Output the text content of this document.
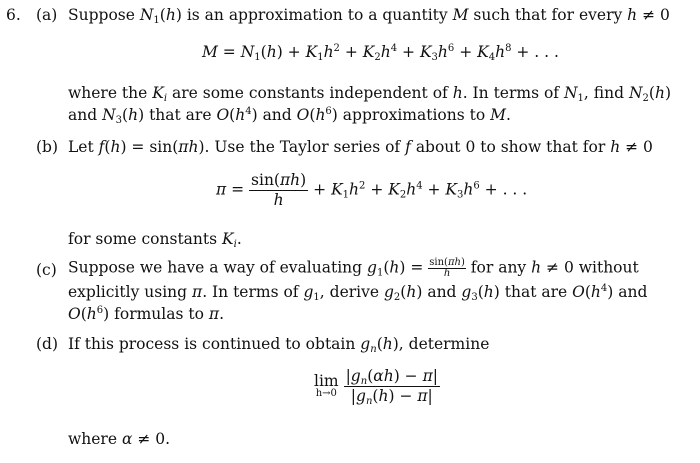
6. (a) Suppose $N_1(h)$ is an approximation to a quantity M such that for every h ≠ 0
$M = N_1(h) + K_1h^2 + K_2h^4 + K_3h^6 + K_4h^8$ + . . .
where the $K_i$ are some constants independent of h. In terms of $N_1$, find $N_2(h)$
and $N_3(h)$ that are $O(h^4)$ and $O(h^6)$ approximations to M.
(b) Let f(h) = sin(πh). Use the Taylor series of f about 0 to show that for h ≠ 0
$\pi = \frac{\sin(\pi h)}{h} + K_1h^2 + K_2h^4 + K_3h^6$ + . . .
for some constants $K_i$.
(c) Suppose we have a way of evaluating $g_1(h) = \frac{\sin(\pi h)}{h}$ for any h ≠ 0 without
explicitly using π. In terms of $g_1$, derive $g_2(h)$ and $g_3(h)$ that are $O(h^4)$ and
$O(h^6)$ formulas to π.
(d) If this process is continued to obtain $g_n(h)$, determine
lim
h→0
$\frac{|g_n(\alpha h) - \pi|}{|g_n(h) - \pi|}$
where α ≠ 0.
